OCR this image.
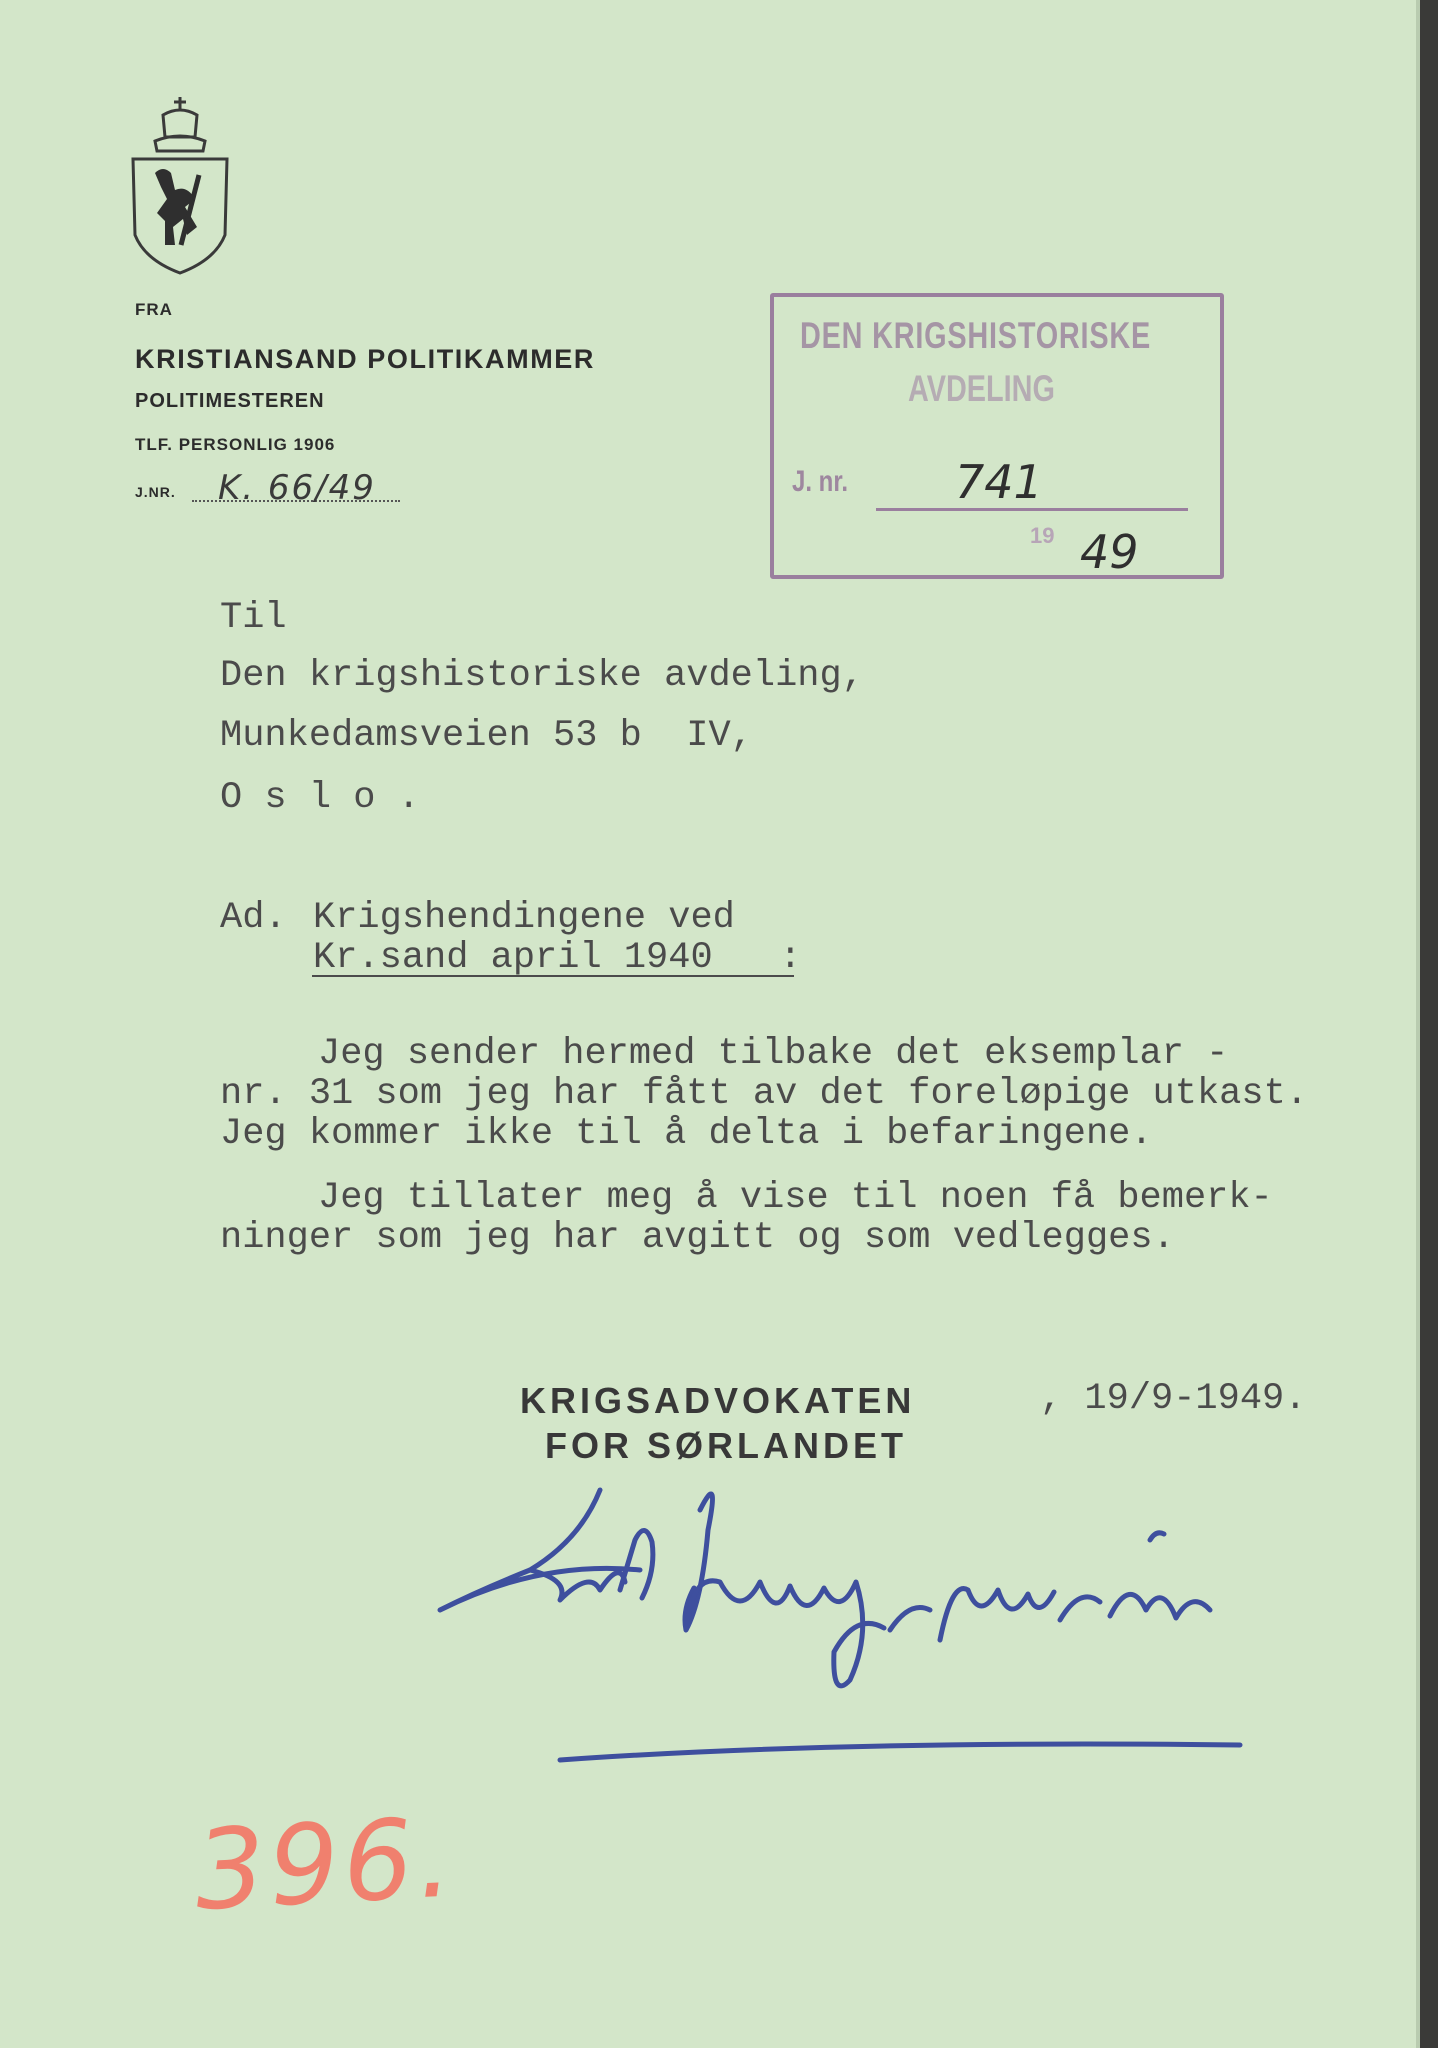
FRA
KRISTIANSAND POLITIKAMMER
POLITIMESTEREN
TLF. PERSONLIG 1906
J.NR. K. 66/49
DEN KRIGSHISTORISKE
AVDELING
J. nr. 741
19 49
Til
Den krigshistoriske avdeling,
Munkedamsveien 53 b  IV,
O s l o .
Ad. Krigshendingene ved
Kr.sand april 1940   :
Jeg sender hermed tilbake det eksemplar -
nr. 31 som jeg har fått av det foreløpige utkast.
Jeg kommer ikke til å delta i befaringene.
Jeg tillater meg å vise til noen få bemerk-
ninger som jeg har avgitt og som vedlegges.
KRIGSADVOKATEN	, 19/9-1949.
FOR SØRLANDET
396.
